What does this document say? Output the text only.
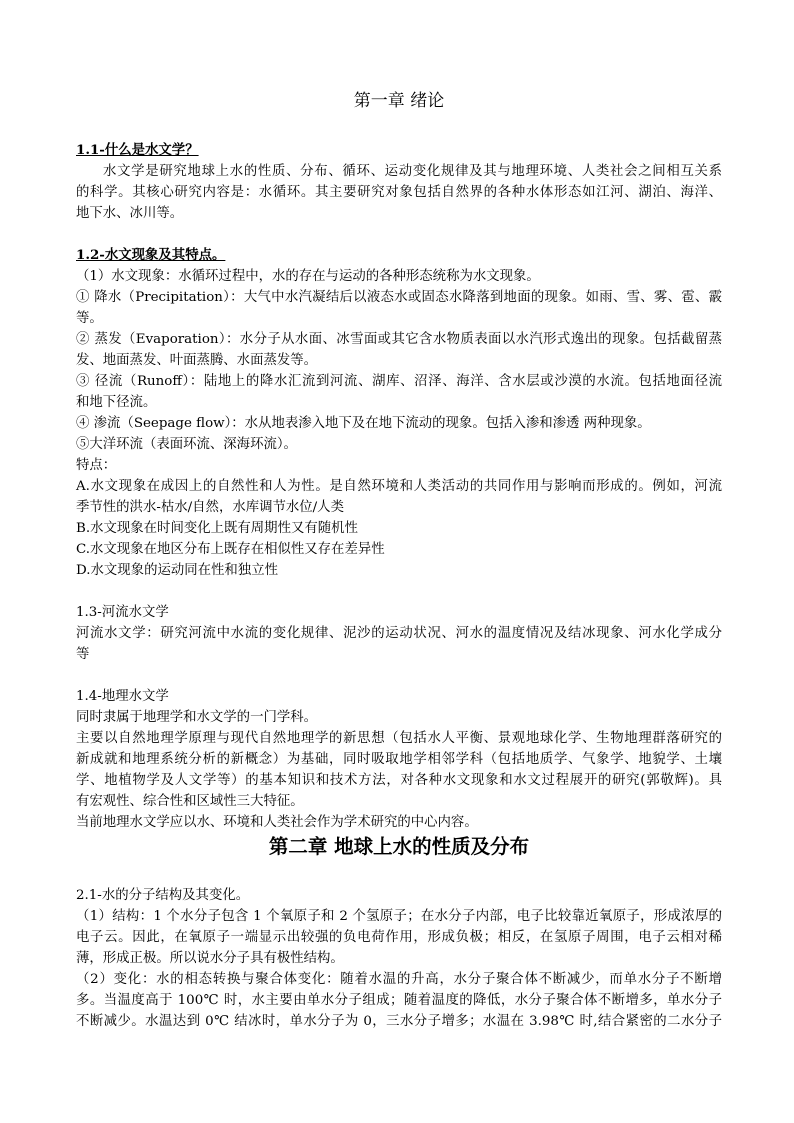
第一章 绪论
1.1-什么是水文学？
水文学是研究地球上水的性质、分布、循环、运动变化规律及其与地理环境、人类社会之间相互关系
的科学。其核心研究内容是：水循环。其主要研究对象包括自然界的各种水体形态如江河、湖泊、海洋、
地下水、冰川等。
1.2-水文现象及其特点。
（1）水文现象：水循环过程中，水的存在与运动的各种形态统称为水文现象。
① 降水（Precipitation）：大气中水汽凝结后以液态水或固态水降落到地面的现象。如雨、雪、雾、雹、霰
等。
② 蒸发（Evaporation）：水分子从水面、冰雪面或其它含水物质表面以水汽形式逸出的现象。包括截留蒸
发、地面蒸发、叶面蒸腾、水面蒸发等。
③ 径流（Runoff）：陆地上的降水汇流到河流、湖库、沼泽、海洋、含水层或沙漠的水流。包括地面径流
和地下径流。
④ 渗流（Seepage flow）：水从地表渗入地下及在地下流动的现象。包括入渗和渗透 两种现象。
⑤大洋环流（表面环流、深海环流）。
特点：
A.水文现象在成因上的自然性和人为性。是自然环境和人类活动的共同作用与影响而形成的。例如，河流
季节性的洪水-枯水/自然，水库调节水位/人类
B.水文现象在时间变化上既有周期性又有随机性
C.水文现象在地区分布上既存在相似性又存在差异性
D.水文现象的运动同在性和独立性
1.3-河流水文学
河流水文学：研究河流中水流的变化规律、泥沙的运动状况、河水的温度情况及结冰现象、河水化学成分
等
1.4-地理水文学
同时隶属于地理学和水文学的一门学科。
主要以自然地理学原理与现代自然地理学的新思想（包括水人平衡、景观地球化学、生物地理群落研究的
新成就和地理系统分析的新概念）为基础，同时吸取地学相邻学科（包括地质学、气象学、地貌学、土壤
学、地植物学及人文学等）的基本知识和技术方法，对各种水文现象和水文过程展开的研究(郭敬辉)。具
有宏观性、综合性和区域性三大特征。
当前地理水文学应以水、环境和人类社会作为学术研究的中心内容。
第二章 地球上水的性质及分布
2.1-水的分子结构及其变化。
（1）结构：1 个水分子包含 1 个氧原子和 2 个氢原子；在水分子内部，电子比较靠近氧原子，形成浓厚的
电子云。因此，在氧原子一端显示出较强的负电荷作用，形成负极；相反，在氢原子周围，电子云相对稀
薄，形成正极。所以说水分子具有极性结构。
（2）变化：水的相态转换与聚合体变化：随着水温的升高，水分子聚合体不断减少，而单水分子不断增
多。当温度高于 100℃ 时，水主要由单水分子组成；随着温度的降低，水分子聚合体不断增多，单水分子
不断减少。水温达到 0℃ 结冰时，单水分子为 0，三水分子增多；水温在 3.98℃ 时,结合紧密的二水分子
